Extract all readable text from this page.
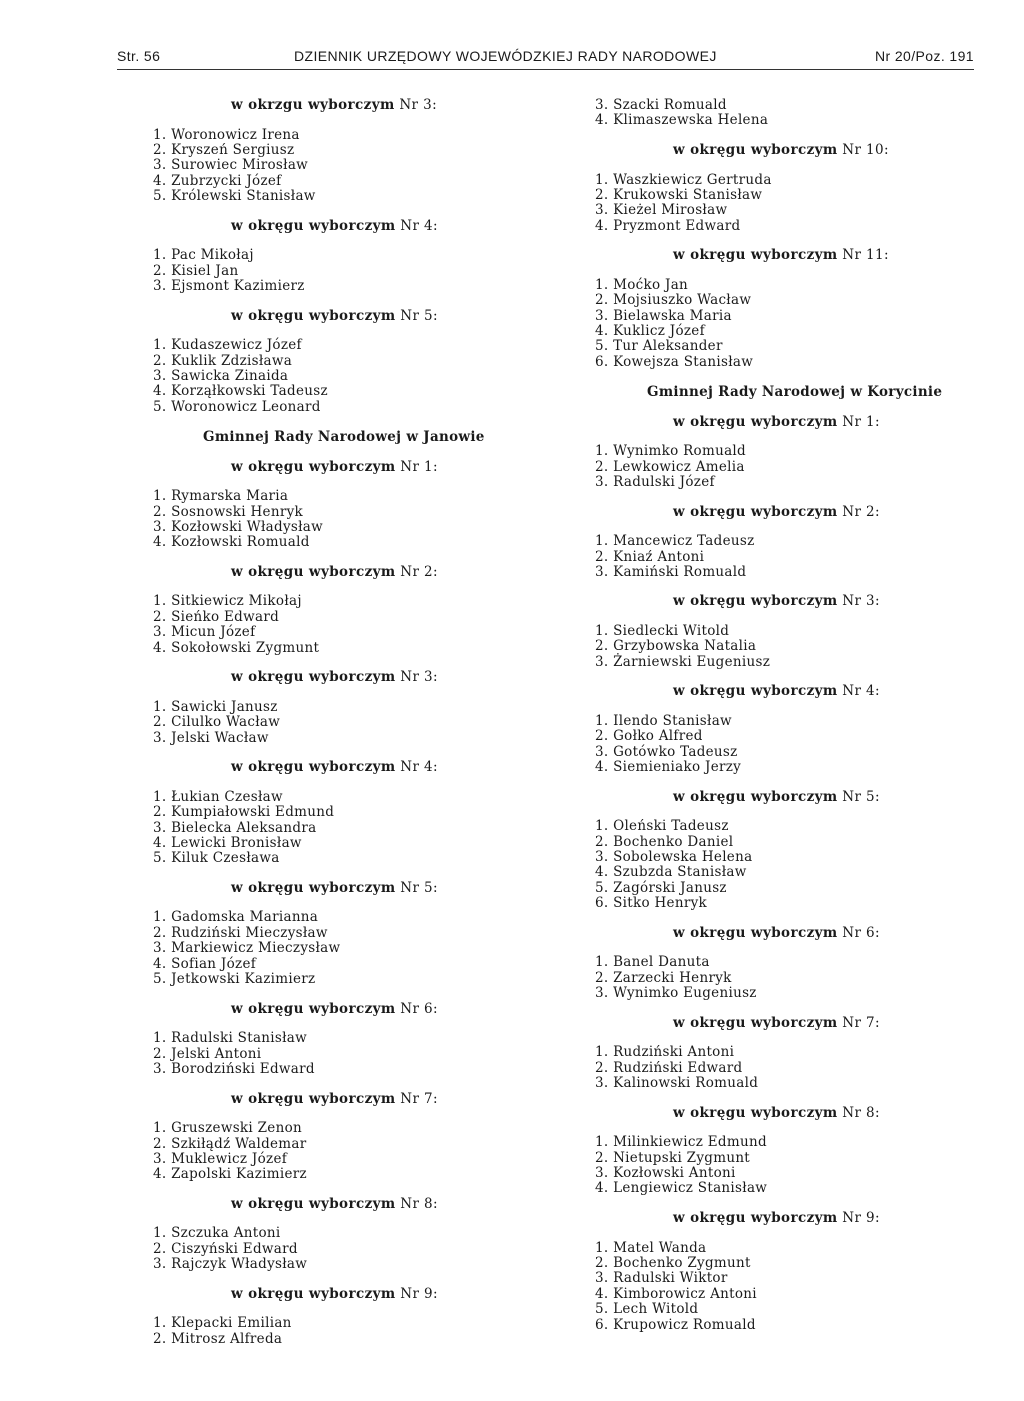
Str. 56	DZIENNIK URZĘDOWY WOJEWÓDZKIEJ RADY NARODOWEJ	Nr 20/Poz. 191
w okrzgu wyborczym Nr 3:
1. Woronowicz Irena
2. Kryszeń Sergiusz
3. Surowiec Mirosław
4. Zubrzycki Józef
5. Królewski Stanisław
w okręgu wyborczym Nr 4:
1. Pac Mikołaj
2. Kisiel Jan
3. Ejsmont Kazimierz
w okręgu wyborczym Nr 5:
1. Kudaszewicz Józef
2. Kuklik Zdzisława
3. Sawicka Zinaida
4. Korząłkowski Tadeusz
5. Woronowicz Leonard
Gminnej Rady Narodowej w Janowie
w okręgu wyborczym Nr 1:
1. Rymarska Maria
2. Sosnowski Henryk
3. Kozłowski Władysław
4. Kozłowski Romuald
w okręgu wyborczym Nr 2:
1. Sitkiewicz Mikołaj
2. Sieńko Edward
3. Micun Józef
4. Sokołowski Zygmunt
w okręgu wyborczym Nr 3:
1. Sawicki Janusz
2. Cilulko Wacław
3. Jelski Wacław
w okręgu wyborczym Nr 4:
1. Łukian Czesław
2. Kumpiałowski Edmund
3. Bielecka Aleksandra
4. Lewicki Bronisław
5. Kiluk Czesława
w okręgu wyborczym Nr 5:
1. Gadomska Marianna
2. Rudziński Mieczysław
3. Markiewicz Mieczysław
4. Sofian Józef
5. Jetkowski Kazimierz
w okręgu wyborczym Nr 6:
1. Radulski Stanisław
2. Jelski Antoni
3. Borodziński Edward
w okręgu wyborczym Nr 7:
1. Gruszewski Zenon
2. Szkiłądź Waldemar
3. Muklewicz Józef
4. Zapolski Kazimierz
w okręgu wyborczym Nr 8:
1. Szczuka Antoni
2. Ciszyński Edward
3. Rajczyk Władysław
w okręgu wyborczym Nr 9:
1. Klepacki Emilian
2. Mitrosz Alfreda
3. Szacki Romuald
4. Klimaszewska Helena
w okręgu wyborczym Nr 10:
1. Waszkiewicz Gertruda
2. Krukowski Stanisław
3. Kieżel Mirosław
4. Pryzmont Edward
w okręgu wyborczym Nr 11:
1. Moćko Jan
2. Mojsiuszko Wacław
3. Bielawska Maria
4. Kuklicz Józef
5. Tur Aleksander
6. Kowejsza Stanisław
Gminnej Rady Narodowej w Korycinie
w okręgu wyborczym Nr 1:
1. Wynimko Romuald
2. Lewkowicz Amelia
3. Radulski Józef
w okręgu wyborczym Nr 2:
1. Mancewicz Tadeusz
2. Kniaź Antoni
3. Kamiński Romuald
w okręgu wyborczym Nr 3:
1. Siedlecki Witold
2. Grzybowska Natalia
3. Żarniewski Eugeniusz
w okręgu wyborczym Nr 4:
1. Ilendo Stanisław
2. Gołko Alfred
3. Gotówko Tadeusz
4. Siemieniako Jerzy
w okręgu wyborczym Nr 5:
1. Oleński Tadeusz
2. Bochenko Daniel
3. Sobolewska Helena
4. Szubzda Stanisław
5. Zagórski Janusz
6. Sitko Henryk
w okręgu wyborczym Nr 6:
1. Banel Danuta
2. Zarzecki Henryk
3. Wynimko Eugeniusz
w okręgu wyborczym Nr 7:
1. Rudziński Antoni
2. Rudziński Edward
3. Kalinowski Romuald
w okręgu wyborczym Nr 8:
1. Milinkiewicz Edmund
2. Nietupski Zygmunt
3. Kozłowski Antoni
4. Lengiewicz Stanisław
w okręgu wyborczym Nr 9:
1. Matel Wanda
2. Bochenko Zygmunt
3. Radulski Wiktor
4. Kimborowicz Antoni
5. Lech Witold
6. Krupowicz Romuald
